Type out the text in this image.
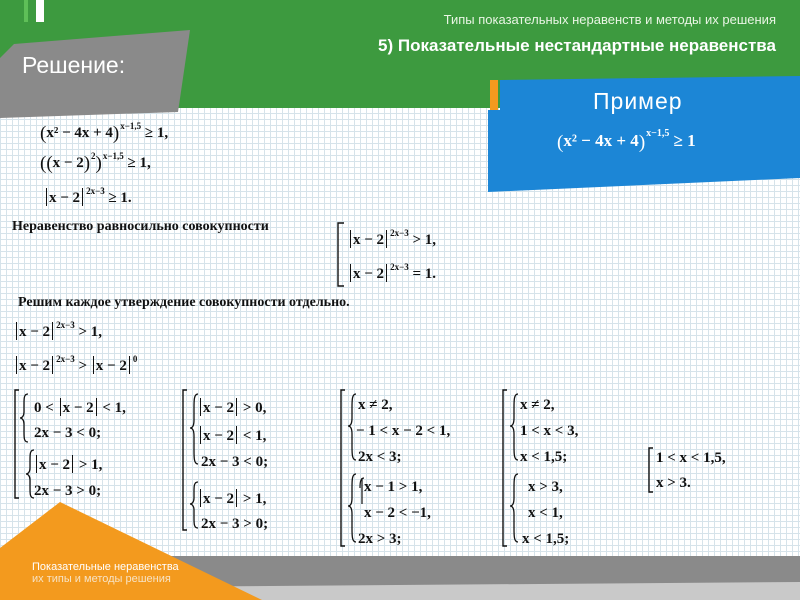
Типы показательных неравенств и методы их решения
5) Показательные нестандартные неравенства
Решение:
Пример
$(x^2 - 4x + 4)^{x-1,5} \ge 1$
$(x^2 - 4x + 4)^{x-1,5} \ge 1$,
$((x - 2)^2)^{x-1,5} \ge 1$,
x − 2 $^{2x-3}$ ≥ 1.
Неравенство равносильно совокупности
x − 2 $^{2x-3}$ > 1,
x − 2 $^{2x-3}$ = 1.
Решим каждое утверждение совокупности отдельно.
x − 2 $^{2x-3}$ > 1,
x − 2 $^{2x-3}$ > x − 2 $^0$
0 < x − 2 < 1,
2x − 3 < 0;
x − 2 > 1,
2x − 3 > 0;
x − 2 > 0,
x − 2 < 1,
2x − 3 < 0;
x − 2 > 1,
2x − 3 > 0;
x ≠ 2,
− 1 < x − 2 < 1,
2x < 3;
x − 1 > 1,
x − 2 < −1,
2x > 3;
x ≠ 2,
1 < x < 3,
x < 1,5;
x > 3,
x < 1,
x < 1,5;
1 < x < 1,5,
x > 3.
Показательные неравенства
их типы и методы решения
